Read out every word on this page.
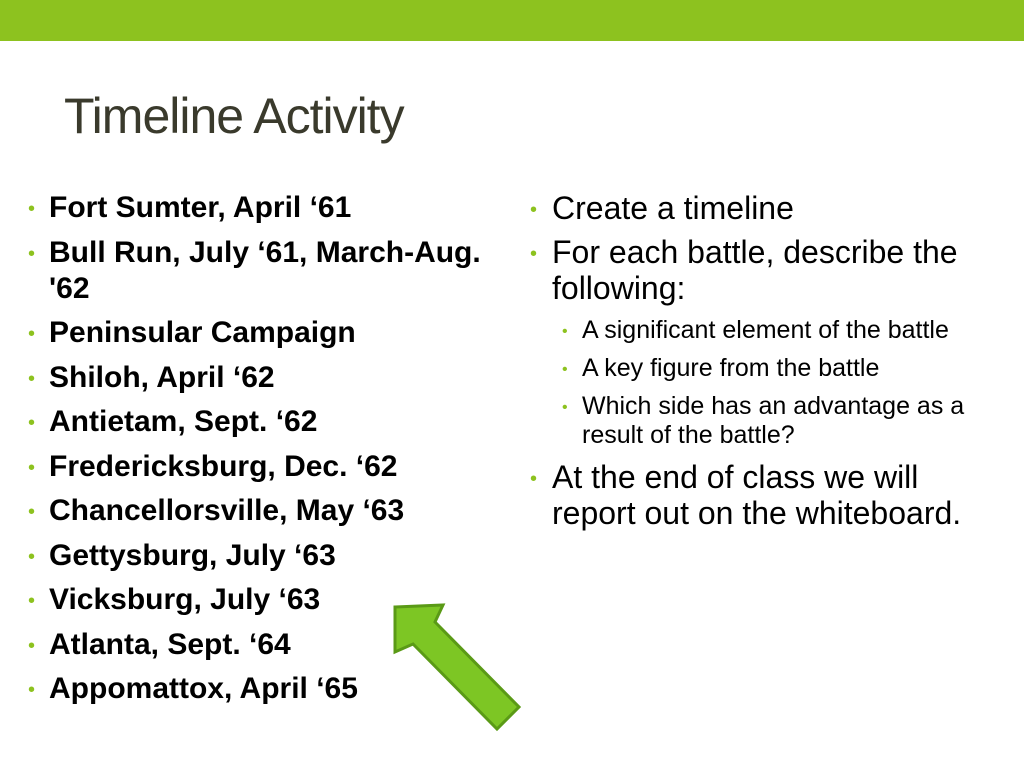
Timeline Activity
• Fort Sumter, April ‘61
• Bull Run, July ‘61, March-Aug. '62
• Peninsular Campaign
• Shiloh, April ‘62
• Antietam, Sept. ‘62
• Fredericksburg, Dec. ‘62
• Chancellorsville, May ‘63
• Gettysburg, July ‘63
• Vicksburg, July ‘63
• Atlanta, Sept. ‘64
• Appomattox, April ‘65
• Create a timeline
• For each battle, describe the following:
• A significant element of the battle
• A key figure from the battle
• Which side has an advantage as a result of the battle?
• At the end of class we will report out on the whiteboard.
